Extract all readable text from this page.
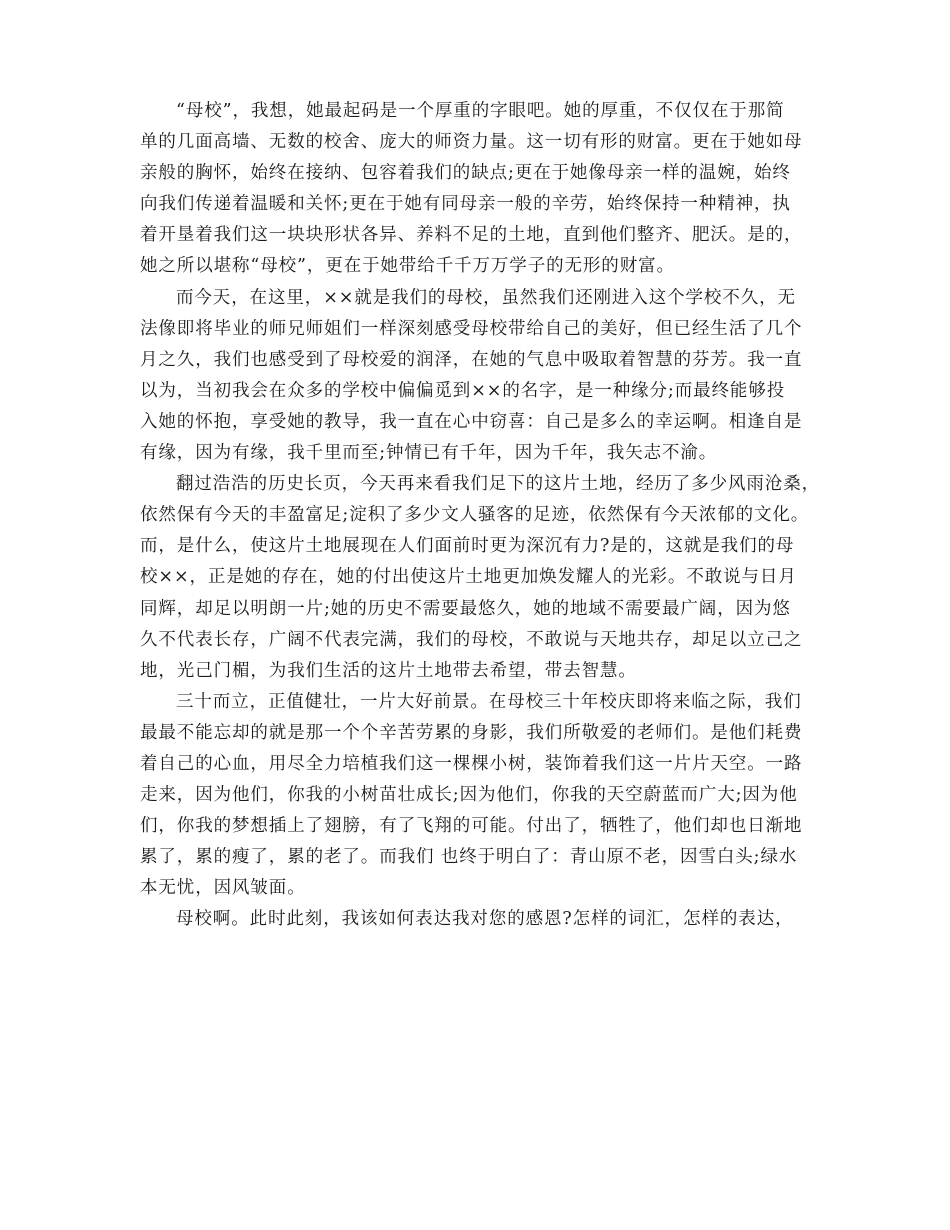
“母校”，我想，她最起码是一个厚重的字眼吧。她的厚重，不仅仅在于那简
单的几面高墙、无数的校舍、庞大的师资力量。这一切有形的财富。更在于她如母
亲般的胸怀，始终在接纳、包容着我们的缺点;更在于她像母亲一样的温婉，始终
向我们传递着温暖和关怀;更在于她有同母亲一般的辛劳，始终保持一种精神，执
着开垦着我们这一块块形状各异、养料不足的土地，直到他们整齐、肥沃。是的，
她之所以堪称“母校”，更在于她带给千千万万学子的无形的财富。
而今天，在这里，××就是我们的母校，虽然我们还刚进入这个学校不久，无
法像即将毕业的师兄师姐们一样深刻感受母校带给自己的美好，但已经生活了几个
月之久，我们也感受到了母校爱的润泽，在她的气息中吸取着智慧的芬芳。我一直
以为，当初我会在众多的学校中偏偏觅到××的名字，是一种缘分;而最终能够投
入她的怀抱，享受她的教导，我一直在心中窃喜：自己是多么的幸运啊。相逢自是
有缘，因为有缘，我千里而至;钟情已有千年，因为千年，我矢志不渝。
翻过浩浩的历史长页，今天再来看我们足下的这片土地，经历了多少风雨沧桑，
依然保有今天的丰盈富足;淀积了多少文人骚客的足迹，依然保有今天浓郁的文化。
而，是什么，使这片土地展现在人们面前时更为深沉有力?是的，这就是我们的母
校××，正是她的存在，她的付出使这片土地更加焕发耀人的光彩。不敢说与日月
同辉，却足以明朗一片;她的历史不需要最悠久，她的地域不需要最广阔，因为悠
久不代表长存，广阔不代表完满，我们的母校，不敢说与天地共存，却足以立己之
地，光己门楣，为我们生活的这片土地带去希望，带去智慧。
三十而立，正值健壮，一片大好前景。在母校三十年校庆即将来临之际，我们
最最不能忘却的就是那一个个辛苦劳累的身影，我们所敬爱的老师们。是他们耗费
着自己的心血，用尽全力培植我们这一棵棵小树，装饰着我们这一片片天空。一路
走来，因为他们，你我的小树苗壮成长;因为他们，你我的天空蔚蓝而广大;因为他
们，你我的梦想插上了翅膀，有了飞翔的可能。付出了，牺牲了，他们却也日渐地
累了，累的瘦了，累的老了。而我们 也终于明白了：青山原不老，因雪白头;绿水
本无忧，因风皱面。
母校啊。此时此刻，我该如何表达我对您的感恩?怎样的词汇，怎样的表达，
